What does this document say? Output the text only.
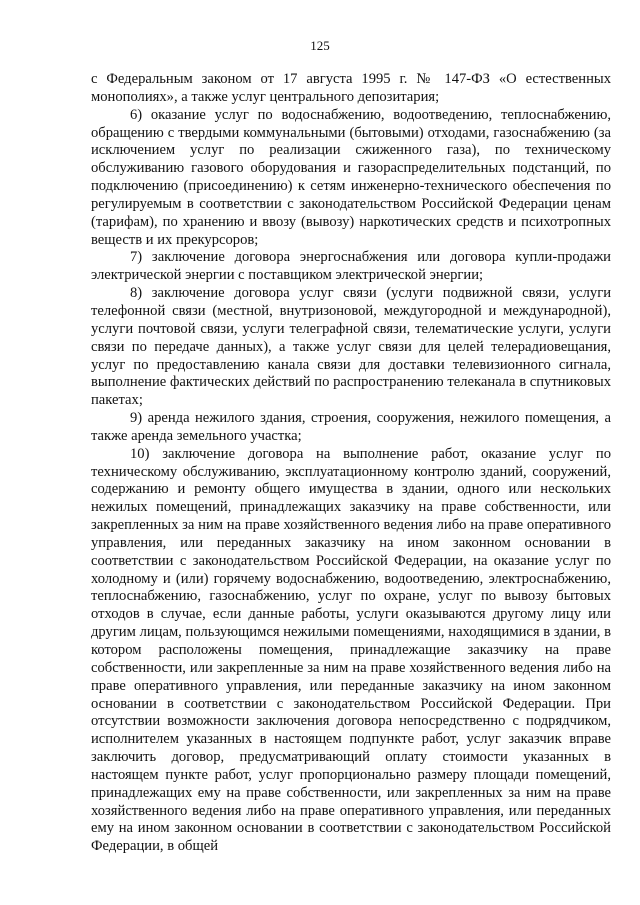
125

с Федеральным законом от 17 августа 1995 г. № 147-ФЗ «О естественных монополиях», а также услуг центрального депозитария;

6) оказание услуг по водоснабжению, водоотведению, теплоснабжению, обращению с твердыми коммунальными (бытовыми) отходами, газоснабжению (за исключением услуг по реализации сжиженного газа), по техническому обслуживанию газового оборудования и газораспределительных подстанций, по подключению (присоединению) к сетям инженерно-технического обеспечения по регулируемым в соответствии с законодательством Российской Федерации ценам (тарифам), по хранению и ввозу (вывозу) наркотических средств и психотропных веществ и их прекурсоров;

7) заключение договора энергоснабжения или договора купли-продажи электрической энергии с поставщиком электрической энергии;

8) заключение договора услуг связи (услуги подвижной связи, услуги телефонной связи (местной, внутризоновой, междугородной и международной), услуги почтовой связи, услуги телеграфной связи, телематические услуги, услуги связи по передаче данных), а также услуг связи для целей телерадиовещания, услуг по предоставлению канала связи для доставки телевизионного сигнала, выполнение фактических действий по распространению телеканала в спутниковых пакетах;

9) аренда нежилого здания, строения, сооружения, нежилого помещения, а также аренда земельного участка;

10) заключение договора на выполнение работ, оказание услуг по техническому обслуживанию, эксплуатационному контролю зданий, сооружений, содержанию и ремонту общего имущества в здании, одного или нескольких нежилых помещений, принадлежащих заказчику на праве собственности, или закрепленных за ним на праве хозяйственного ведения либо на праве оперативного управления, или переданных заказчику на ином законном основании в соответствии с законодательством Российской Федерации, на оказание услуг по холодному и (или) горячему водоснабжению, водоотведению, электроснабжению, теплоснабжению, газоснабжению, услуг по охране, услуг по вывозу бытовых отходов в случае, если данные работы, услуги оказываются другому лицу или другим лицам, пользующимся нежилыми помещениями, находящимися в здании, в котором расположены помещения, принадлежащие заказчику на праве собственности, или закрепленные за ним на праве хозяйственного ведения либо на праве оперативного управления, или переданные заказчику на ином законном основании в соответствии с законодательством Российской Федерации. При отсутствии возможности заключения договора непосредственно с подрядчиком, исполнителем указанных в настоящем подпункте работ, услуг заказчик вправе заключить договор, предусматривающий оплату стоимости указанных в настоящем пункте работ, услуг пропорционально размеру площади помещений, принадлежащих ему на праве собственности, или закрепленных за ним на праве хозяйственного ведения либо на праве оперативного управления, или переданных ему на ином законном основании в соответствии с законодательством Российской Федерации, в общей
